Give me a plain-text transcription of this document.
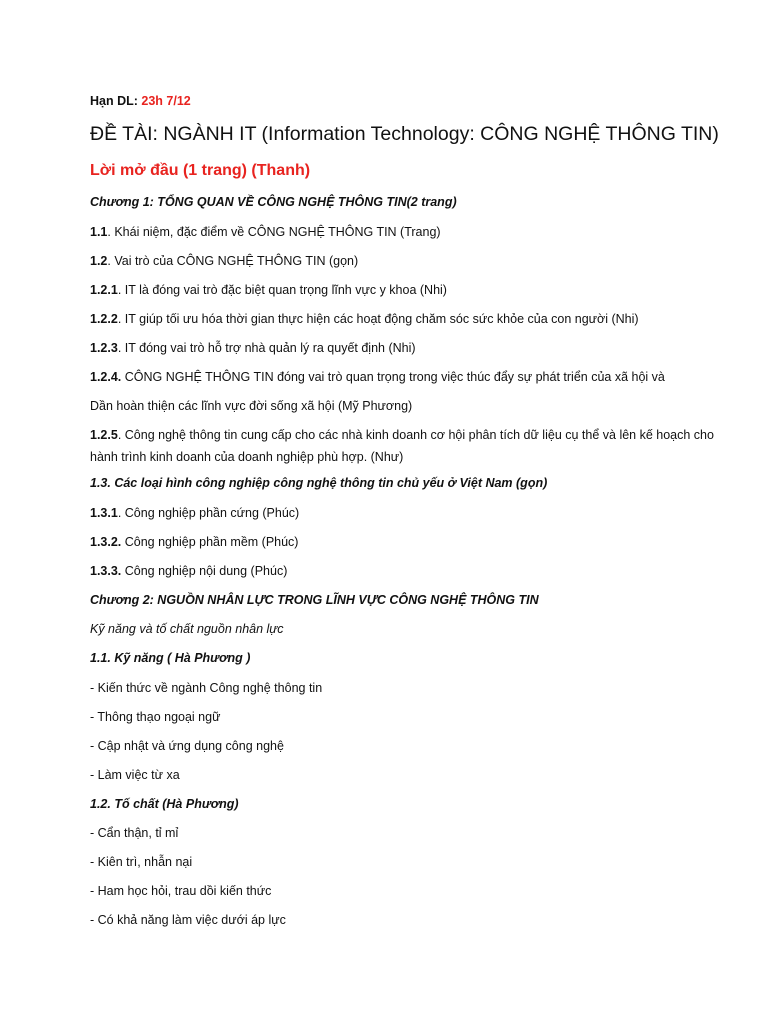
Hạn DL: 23h 7/12
ĐỀ TÀI: NGÀNH IT (Information Technology: CÔNG NGHỆ THÔNG TIN)
Lời mở đầu (1 trang) (Thanh)
Chương 1: TỔNG QUAN VỀ CÔNG NGHỆ THÔNG TIN(2 trang)
1.1. Khái niệm, đặc điểm về CÔNG NGHỆ THÔNG TIN (Trang)
1.2. Vai trò của CÔNG NGHỆ THÔNG TIN (gọn)
1.2.1. IT là đóng vai trò đặc biệt quan trọng lĩnh vực y khoa (Nhi)
1.2.2. IT giúp tối ưu hóa thời gian thực hiện các hoạt động chăm sóc sức khỏe của con người (Nhi)
1.2.3. IT đóng vai trò hỗ trợ nhà quản lý ra quyết định (Nhi)
1.2.4. CÔNG NGHỆ THÔNG TIN đóng vai trò quan trọng trong việc thúc đẩy sự phát triển của xã hội và
Dần hoàn thiện các lĩnh vực đời sống xã hội (Mỹ Phương)
1.2.5. Công nghệ thông tin cung cấp cho các nhà kinh doanh cơ hội phân tích dữ liệu cụ thể và lên kế hoạch cho hành trình kinh doanh của doanh nghiệp phù hợp. (Như)
1.3. Các loại hình công nghiệp công nghệ thông tin chủ yếu ở Việt Nam (gọn)
1.3.1. Công nghiệp phần cứng (Phúc)
1.3.2. Công nghiệp phần mềm (Phúc)
1.3.3. Công nghiệp nội dung (Phúc)
Chương 2: NGUỒN NHÂN LỰC TRONG LĨNH VỰC CÔNG NGHỆ THÔNG TIN
Kỹ năng và tố chất nguồn nhân lực
1.1. Kỹ năng ( Hà Phương )
- Kiến thức về ngành Công nghệ thông tin
- Thông thạo ngoại ngữ
- Cập nhật và ứng dụng công nghệ
- Làm việc từ xa
1.2. Tố chất (Hà Phương)
- Cẩn thận, tỉ mỉ
- Kiên trì, nhẫn nại
- Ham học hỏi, trau dồi kiến thức
- Có khả năng làm việc dưới áp lực
